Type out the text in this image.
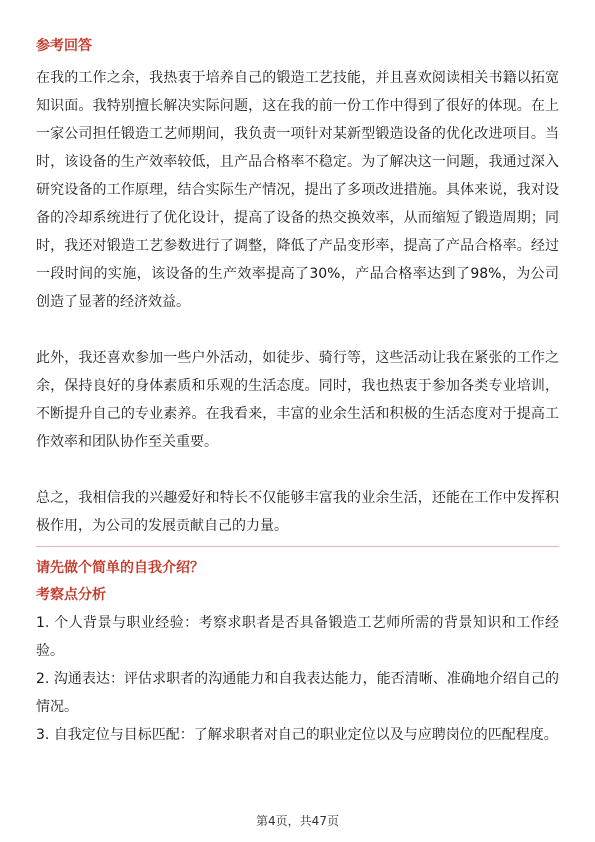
参考回答

在我的工作之余，我热衷于培养自己的锻造工艺技能，并且喜欢阅读相关书籍以拓宽知识面。我特别擅长解决实际问题，这在我的前一份工作中得到了很好的体现。在上一家公司担任锻造工艺师期间，我负责一项针对某新型锻造设备的优化改进项目。当时，该设备的生产效率较低，且产品合格率不稳定。为了解决这一问题，我通过深入研究设备的工作原理，结合实际生产情况，提出了多项改进措施。具体来说，我对设备的冷却系统进行了优化设计，提高了设备的热交换效率，从而缩短了锻造周期；同时，我还对锻造工艺参数进行了调整，降低了产品变形率，提高了产品合格率。经过一段时间的实施，该设备的生产效率提高了30%，产品合格率达到了98%，为公司创造了显著的经济效益。

此外，我还喜欢参加一些户外活动，如徒步、骑行等，这些活动让我在紧张的工作之余，保持良好的身体素质和乐观的生活态度。同时，我也热衷于参加各类专业培训，不断提升自己的专业素养。在我看来，丰富的业余生活和积极的生活态度对于提高工作效率和团队协作至关重要。

总之，我相信我的兴趣爱好和特长不仅能够丰富我的业余生活，还能在工作中发挥积极作用，为公司的发展贡献自己的力量。

请先做个简单的自我介绍？

考察点分析

1. 个人背景与职业经验：考察求职者是否具备锻造工艺师所需的背景知识和工作经验。

2. 沟通表达：评估求职者的沟通能力和自我表达能力，能否清晰、准确地介绍自己的情况。

3. 自我定位与目标匹配：了解求职者对自己的职业定位以及与应聘岗位的匹配程度。

第4页，共47页
